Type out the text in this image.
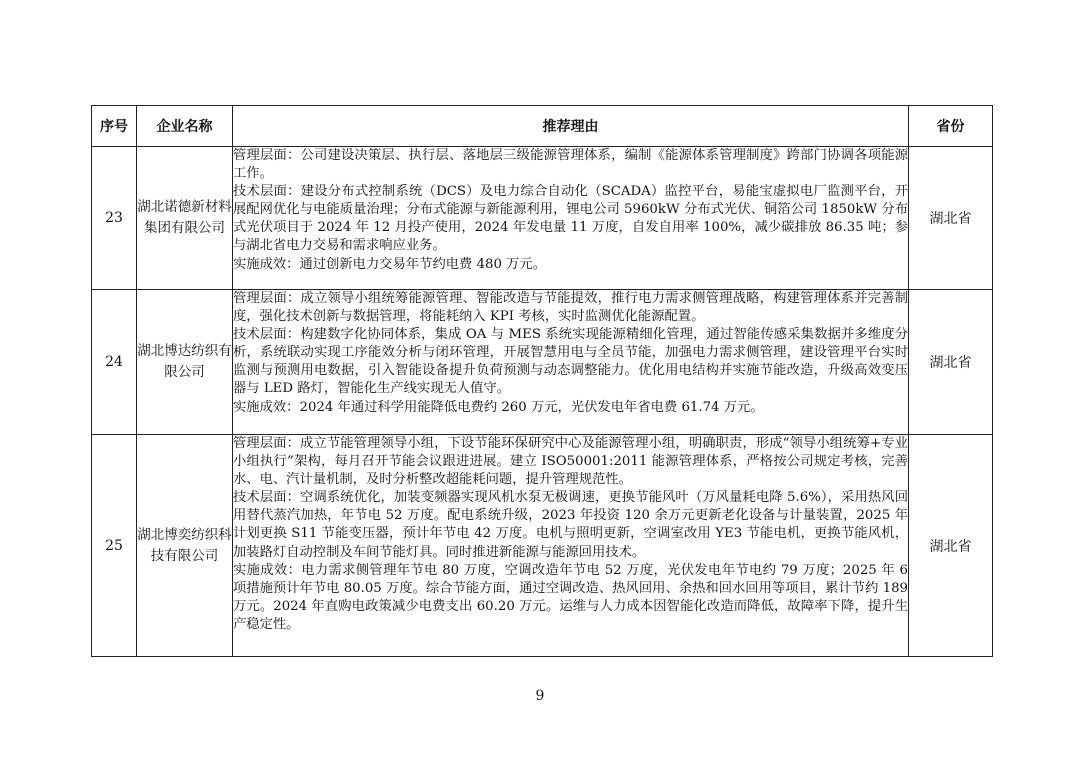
序号	企业名称	推荐理由	省份
23	湖北诺德新材料集团有限公司	管理层面：公司建设决策层、执行层、落地层三级能源管理体系，编制《能源体系管理制度》跨部门协调各项能源工作。

技术层面：建设分布式控制系统（DCS）及电力综合自动化（SCADA）监控平台，易能宝虚拟电厂监测平台，开展配网优化与电能质量治理；分布式能源与新能源利用，锂电公司 5960kW 分布式光伏、铜箔公司 1850kW 分布式光伏项目于 2024 年 12 月投产使用，2024 年发电量 11 万度，自发自用率 100%，减少碳排放 86.35 吨；参与湖北省电力交易和需求响应业务。

实施成效：通过创新电力交易年节约电费 480 万元。	湖北省
24	湖北博达纺织有限公司	管理层面：成立领导小组统筹能源管理、智能改造与节能提效，推行电力需求侧管理战略，构建管理体系并完善制度，强化技术创新与数据管理，将能耗纳入 KPI 考核，实时监测优化能源配置。

技术层面：构建数字化协同体系，集成 OA 与 MES 系统实现能源精细化管理，通过智能传感采集数据并多维度分析，系统联动实现工序能效分析与闭环管理，开展智慧用电与全员节能，加强电力需求侧管理，建设管理平台实时监测与预测用电数据，引入智能设备提升负荷预测与动态调整能力。优化用电结构并实施节能改造，升级高效变压器与 LED 路灯，智能化生产线实现无人值守。

实施成效：2024 年通过科学用能降低电费约 260 万元，光伏发电年省电费 61.74 万元。	湖北省
25	湖北博奕纺织科技有限公司	管理层面：成立节能管理领导小组，下设节能环保研究中心及能源管理小组，明确职责，形成“领导小组统筹+专业小组执行”架构，每月召开节能会议跟进进展。建立 ISO50001:2011 能源管理体系，严格按公司规定考核，完善水、电、汽计量机制，及时分析整改超能耗问题，提升管理规范性。

技术层面：空调系统优化，加装变频器实现风机水泵无极调速，更换节能风叶（万风量耗电降 5.6%），采用热风回用替代蒸汽加热，年节电 52 万度。配电系统升级，2023 年投资 120 余万元更新老化设备与计量装置，2025 年计划更换 S11 节能变压器，预计年节电 42 万度。电机与照明更新，空调室改用 YE3 节能电机，更换节能风机，加装路灯自动控制及车间节能灯具。同时推进新能源与能源回用技术。

实施成效：电力需求侧管理年节电 80 万度，空调改造年节电 52 万度，光伏发电年节电约 79 万度；2025 年 6 项措施预计年节电 80.05 万度。综合节能方面，通过空调改造、热风回用、余热和回水回用等项目，累计节约 189 万元。2024 年直购电政策减少电费支出 60.20 万元。运维与人力成本因智能化改造而降低，故障率下降，提升生产稳定性。	湖北省
9
